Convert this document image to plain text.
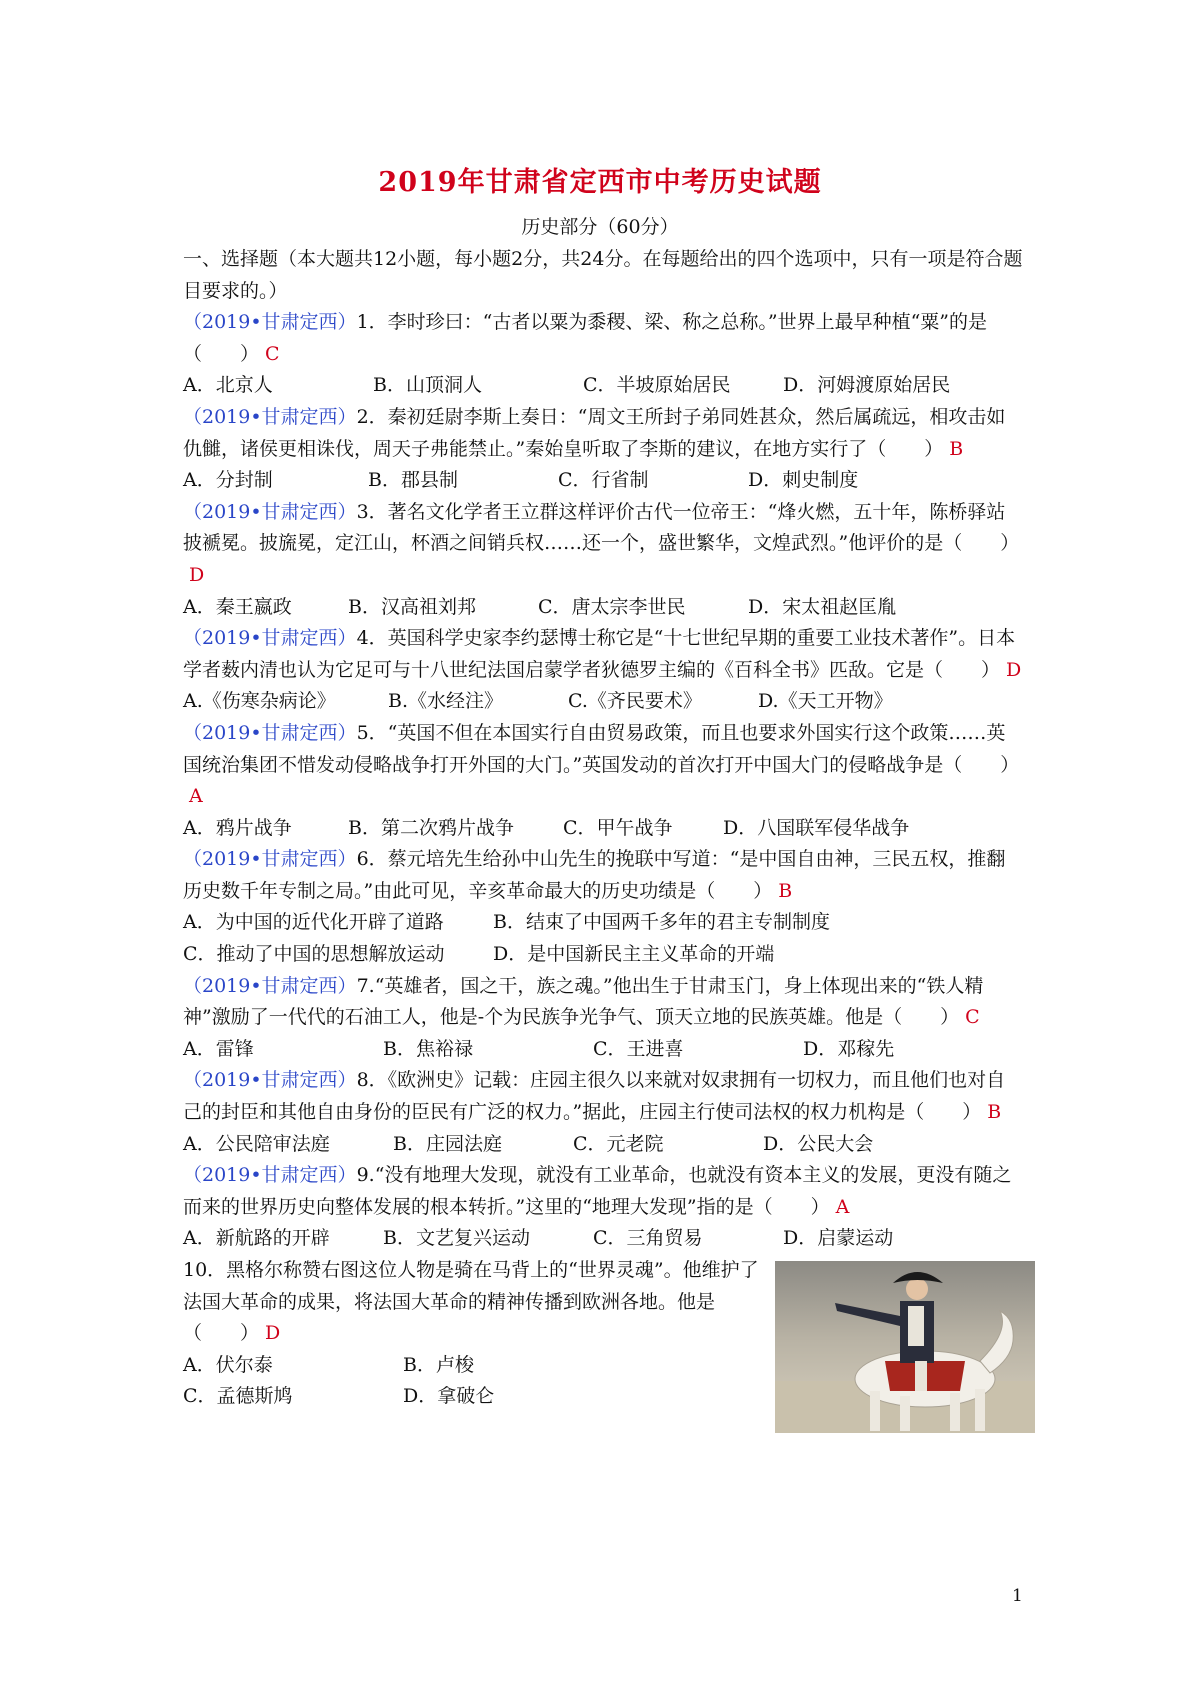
2019年甘肃省定西市中考历史试题
历史部分（60分）

一、选择题（本大题共12小题，每小题2分，共24分。在每题给出的四个选项中，只有一项是符合题目要求的。）

（2019•甘肃定西）1．李时珍曰：“古者以粟为黍稷、梁、称之总称。”世界上最早种植“粟”的是（　　） C

A．北京人	B．山顶洞人	C．半坡原始居民	D．河姆渡原始居民

（2019•甘肃定西）2．秦初廷尉李斯上奏日：“周文王所封子弟同姓甚众，然后属疏远，相攻击如仇雠，诸侯更相诛伐，周天子弗能禁止。”秦始皇听取了李斯的建议，在地方实行了（　　） B

A．分封制	B．郡县制	C．行省制	D．刺史制度

（2019•甘肃定西）3．著名文化学者王立群这样评价古代一位帝王：“烽火燃，五十年，陈桥驿站披褫冕。披旒冕，定江山，杯酒之间销兵权……还一个，盛世繁华，文煌武烈。”他评价的是（　　）D

A．秦王嬴政	B．汉高祖刘邦	C．唐太宗李世民	D．宋太祖赵匡胤

（2019•甘肃定西）4．英国科学史家李约瑟博士称它是“十七世纪早期的重要工业技术著作”。日本学者薮内清也认为它足可与十八世纪法国启蒙学者狄德罗主编的《百科全书》匹敌。它是（　　） D

A.《伤寒杂病论》	B.《水经注》	C.《齐民要术》	D.《天工开物》

（2019•甘肃定西）5．“英国不但在本国实行自由贸易政策，而且也要求外国实行这个政策……英国统治集团不惜发动侵略战争打开外国的大门。”英国发动的首次打开中国大门的侵略战争是（　　）A

A．鸦片战争	B．第二次鸦片战争	C．甲午战争	D．八国联军侵华战争

（2019•甘肃定西）6．蔡元培先生给孙中山先生的挽联中写道：“是中国自由神，三民五权，推翻历史数千年专制之局。”由此可见，辛亥革命最大的历史功绩是（　　） B

A．为中国的近代化开辟了道路	B．结束了中国两千多年的君主专制制度
C．推动了中国的思想解放运动	D．是中国新民主主义革命的开端

（2019•甘肃定西）7.“英雄者，国之干，族之魂。”他出生于甘肃玉门，身上体现出来的“铁人精神”激励了一代代的石油工人，他是-个为民族争光争气、顶天立地的民族英雄。他是（　　） C

A．雷锋	B．焦裕禄	C．王进喜	D．邓稼先

（2019•甘肃定西）8．《欧洲史》记载：庄园主很久以来就对奴隶拥有一切权力，而且他们也对自己的封臣和其他自由身份的臣民有广泛的权力。”据此，庄园主行使司法权的权力机构是（　　） B

A．公民陪审法庭	B．庄园法庭	C．元老院	D．公民大会

（2019•甘肃定西）9.“没有地理大发现，就没有工业革命，也就没有资本主义的发展，更没有随之而来的世界历史向整体发展的根本转折。”这里的“地理大发现”指的是（　　） A

A．新航路的开辟	B．文艺复兴运动	C．三角贸易	D．启蒙运动
10．黑格尔称赞右图这位人物是骑在马背上的“世界灵魂”。他维护了法国大革命的成果，将法国大革命的精神传播到欧洲各地。他是（　　） D
A．伏尔泰	B．卢梭
C．孟德斯鸠	D．拿破仑
1
